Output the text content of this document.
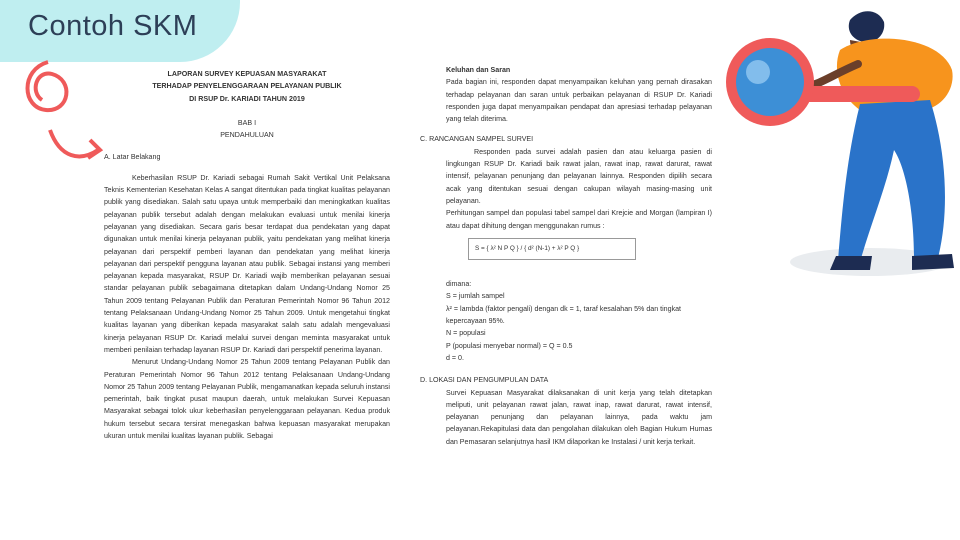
Contoh SKM

LAPORAN SURVEY KEPUASAN MASYARAKAT

TERHADAP PENYELENGGARAAN PELAYANAN PUBLIK

DI RSUP Dr. KARIADI TAHUN 2019

BAB I

PENDAHULUAN

A. Latar Belakang

Keberhasilan RSUP Dr. Kariadi sebagai Rumah Sakit Vertikal Unit Pelaksana Teknis Kementerian Kesehatan Kelas A sangat ditentukan pada tingkat kualitas pelayanan publik yang disediakan. Salah satu upaya untuk memperbaiki dan meningkatkan kualitas pelayanan publik tersebut adalah dengan melakukan evaluasi untuk menilai kinerja pelayanan yang disediakan. Secara garis besar terdapat dua pendekatan yang dapat digunakan untuk menilai kinerja pelayanan publik, yaitu pendekatan yang melihat kinerja pelayanan dari perspektif pemberi layanan dan pendekatan yang melihat kinerja pelayanan dari perspektif pengguna layanan atau publik. Sebagai instansi yang memberi pelayanan kepada masyarakat, RSUP Dr. Kariadi wajib memberikan pelayanan sesuai standar pelayanan publik sebagaimana ditetapkan dalam Undang-Undang Nomor 25 Tahun 2009 tentang Pelayanan Publik dan Peraturan Pemerintah Nomor 96 Tahun 2012 tentang Pelaksanaan Undang-Undang Nomor 25 Tahun 2009. Untuk mengetahui tingkat kualitas layanan yang diberikan kepada masyarakat salah satu adalah mengevaluasi kinerja pelayanan RSUP Dr. Kariadi melalui survei dengan meminta masyarakat untuk memberi penilaian terhadap layanan RSUP Dr. Kariadi dari perspektif penerima layanan.

Menurut Undang-Undang Nomor 25 Tahun 2009 tentang Pelayanan Publik dan Peraturan Pemerintah Nomor 96 Tahun 2012 tentang Pelaksanaan Undang-Undang Nomor 25 Tahun 2009 tentang Pelayanan Publik, mengamanatkan kepada seluruh instansi pemerintah, baik tingkat pusat maupun daerah, untuk melakukan Survei Kepuasan Masyarakat sebagai tolok ukur keberhasilan penyelenggaraan pelayanan. Kedua produk hukum tersebut secara tersirat menegaskan bahwa kepuasan masyarakat merupakan ukuran untuk menilai kualitas layanan publik. Sebagai

Keluhan dan Saran

Pada bagian ini, responden dapat menyampaikan keluhan yang pernah dirasakan terhadap pelayanan dan saran untuk perbaikan pelayanan di RSUP Dr. Kariadi responden juga dapat menyampaikan pendapat dan apresiasi terhadap pelayanan yang telah diterima.

C. RANCANGAN SAMPEL SURVEI

Responden pada survei adalah pasien dan atau keluarga pasien di lingkungan RSUP Dr. Kariadi baik rawat jalan, rawat inap, rawat darurat, rawat intensif, pelayanan penunjang dan pelayanan lainnya. Responden dipilih secara acak yang ditentukan sesuai dengan cakupan wilayah masing-masing unit pelayanan.

Perhitungan sampel dan populasi tabel sampel dari Krejcie and Morgan (lampiran I) atau dapat dihitung dengan menggunakan rumus :

S = { λ² N P Q } / { d² (N-1) + λ² P Q }
dimana:
S = jumlah sampel
λ² = lambda (faktor pengali) dengan dk = 1, taraf kesalahan 5% dan tingkat
kepercayaan 95%.
N = populasi
P (populasi menyebar normal) = Q = 0.5
d = 0.

D. LOKASI DAN PENGUMPULAN DATA

Survei Kepuasan Masyarakat dilaksanakan di unit kerja yang telah ditetapkan meliputi, unit pelayanan rawat jalan, rawat inap, rawat darurat, rawat intensif, pelayanan penunjang dan pelayanan lainnya, pada waktu jam pelayanan.Rekapitulasi data dan pengolahan dilakukan oleh Bagian Hukum Humas dan Pemasaran selanjutnya hasil IKM dilaporkan ke Instalasi / unit kerja terkait.
